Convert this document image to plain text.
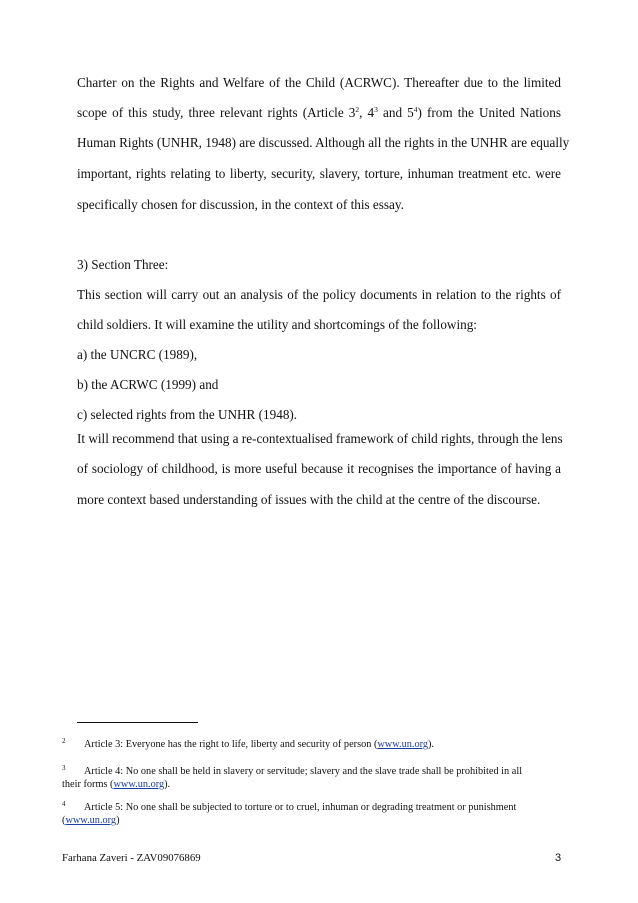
Charter on the Rights and Welfare of the Child (ACRWC). Thereafter due to the limited
scope of this study, three relevant rights (Article $3^2$, $4^3$ and $5^4$) from the United Nations
Human Rights (UNHR, 1948) are discussed. Although all the rights in the UNHR are equally
important, rights relating to liberty, security, slavery, torture, inhuman treatment etc. were
specifically chosen for discussion, in the context of this essay.
3) Section Three:
This section will carry out an analysis of the policy documents in relation to the rights of
child soldiers. It will examine the utility and shortcomings of the following:
a) the UNCRC (1989),
b) the ACRWC (1999) and
c) selected rights from the UNHR (1948).
It will recommend that using a re-contextualised framework of child rights, through the lens
of sociology of childhood, is more useful because it recognises the importance of having a
more context based understanding of issues with the child at the centre of the discourse.
$^2$ Article 3: Everyone has the right to life, liberty and security of person (www.un.org).
$^3$ Article 4: No one shall be held in slavery or servitude; slavery and the slave trade shall be prohibited in all
their forms (www.un.org).
$^4$ Article 5: No one shall be subjected to torture or to cruel, inhuman or degrading treatment or punishment
(www.un.org)
Farhana Zaveri - ZAV09076869	3
